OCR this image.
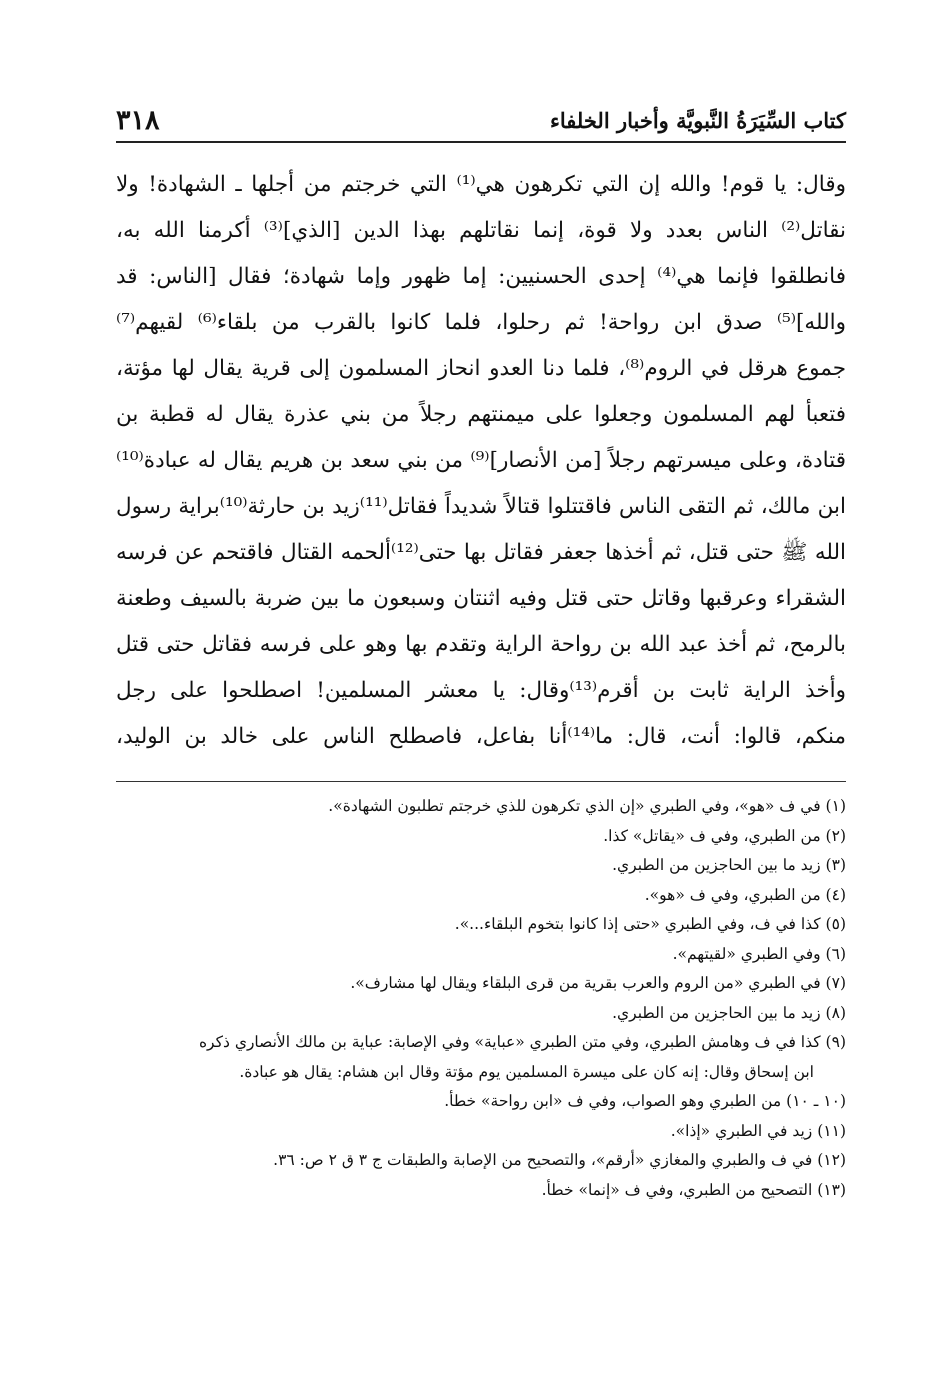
كتاب السِّيَرَةُ النَّبويَّة وأخبار الخلفاء
٣١٨
وقال: يا قوم! والله إن التي تكرهون هي⁽¹⁾ التي خرجتم من أجلها ـ الشهادة! ولا
نقاتل⁽²⁾ الناس بعدد ولا قوة، إنما نقاتلهم بهذا الدين [الذي]⁽³⁾ أكرمنا الله به،
فانطلقوا فإنما هي⁽⁴⁾ إحدى الحسنيين: إما ظهور وإما شهادة؛ فقال [الناس: قد
والله]⁽⁵⁾ صدق ابن رواحة! ثم رحلوا، فلما كانوا بالقرب من بلقاء⁽⁶⁾ لقيهم⁽⁷⁾
جموع هرقل في الروم⁽⁸⁾، فلما دنا العدو انحاز المسلمون إلى قرية يقال لها مؤتة،
فتعبأ لهم المسلمون وجعلوا على ميمنتهم رجلاً من بني عذرة يقال له قطبة بن
قتادة، وعلى ميسرتهم رجلاً [من الأنصار]⁽⁹⁾ من بني سعد بن هريم يقال له عبادة⁽¹⁰⁾
ابن مالك، ثم التقى الناس فاقتتلوا قتالاً شديداً فقاتل⁽¹¹⁾زيد بن حارثة⁽¹⁰⁾براية رسول
الله ﷺ حتى قتل، ثم أخذها جعفر فقاتل بها حتى⁽¹²⁾ألحمه القتال فاقتحم عن فرسه
الشقراء وعرقبها وقاتل حتى قتل وفيه اثنتان وسبعون ما بين ضربة بالسيف وطعنة
بالرمح، ثم أخذ عبد الله بن رواحة الراية وتقدم بها وهو على فرسه فقاتل حتى قتل
وأخذ الراية ثابت بن أقرم⁽¹³⁾وقال: يا معشر المسلمين! اصطلحوا على رجل
منكم، قالوا: أنت، قال: ما⁽¹⁴⁾أنا بفاعل، فاصطلح الناس على خالد بن الوليد،
(١) في ف «هو»، وفي الطبري «إن الذي تكرهون للذي خرجتم تطلبون الشهادة».
(٢) من الطبري، وفي ف «يقاتل» كذا.
(٣) زيد ما بين الحاجزين من الطبري.
(٤) من الطبري، وفي ف «هو».
(٥) كذا في ف، وفي الطبري «حتى إذا كانوا بتخوم البلقاء...».
(٦) وفي الطبري «لقيتهم».
(٧) في الطبري «من الروم والعرب بقرية من قرى البلقاء ويقال لها مشارف».
(٨) زيد ما بين الحاجزين من الطبري.
(٩) كذا في ف وهامش الطبري، وفي متن الطبري «عباية» وفي الإصابة: عباية بن مالك الأنصاري ذكره
ابن إسحاق وقال: إنه كان على ميسرة المسلمين يوم مؤتة وقال ابن هشام: يقال هو عبادة.
(١٠ ـ ١٠) من الطبري وهو الصواب، وفي ف «ابن رواحة» خطأ.
(١١) زيد في الطبري «إذا».
(١٢) في ف والطبري والمغازي «أرقم»، والتصحيح من الإصابة والطبقات ج ٣ ق ٢ ص: ٣٦.
(١٣) التصحيح من الطبري، وفي ف «إنما» خطأ.
